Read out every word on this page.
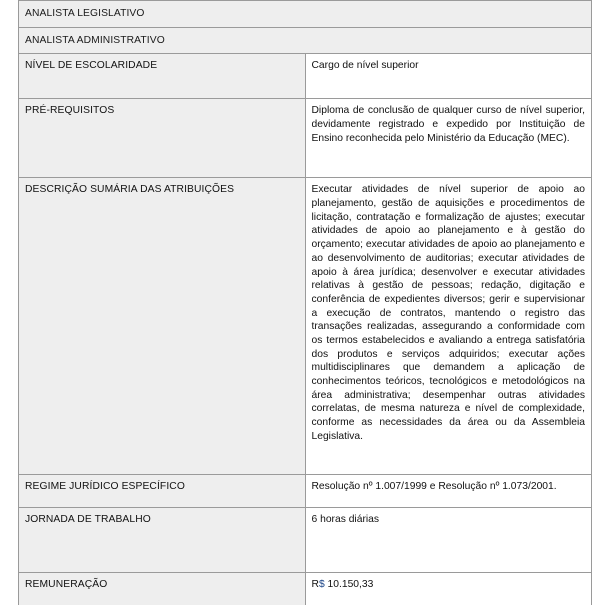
ANALISTA LEGISLATIVO	
ANALISTA ADMINISTRATIVO	
NÍVEL DE ESCOLARIDADE	Cargo de nível superior
PRÉ-REQUISITOS	Diploma de conclusão de qualquer curso de nível superior, devidamente registrado e expedido por Instituição de Ensino reconhecida pelo Ministério da Educação (MEC).
DESCRIÇÃO SUMÁRIA DAS ATRIBUIÇÕES	Executar atividades de nível superior de apoio ao planejamento, gestão de aquisições e procedimentos de licitação, contratação e formalização de ajustes; executar atividades de apoio ao planejamento e à gestão do orçamento; executar atividades de apoio ao planejamento e ao desenvolvimento de auditorias; executar atividades de apoio à área jurídica; desenvolver e executar atividades relativas à gestão de pessoas; redação, digitação e conferência de expedientes diversos; gerir e supervisionar a execução de contratos, mantendo o registro das transações realizadas, assegurando a conformidade com os termos estabelecidos e avaliando a entrega satisfatória dos produtos e serviços adquiridos; executar ações multidisciplinares que demandem a aplicação de conhecimentos teóricos, tecnológicos e metodológicos na área administrativa; desempenhar outras atividades correlatas, de mesma natureza e nível de complexidade, conforme as necessidades da área ou da Assembleia Legislativa.
REGIME JURÍDICO ESPECÍFICO	Resolução nº 1.007/1999 e Resolução nº 1.073/2001.
JORNADA DE TRABALHO	6 horas diárias
REMUNERAÇÃO	R$ 10.150,33
